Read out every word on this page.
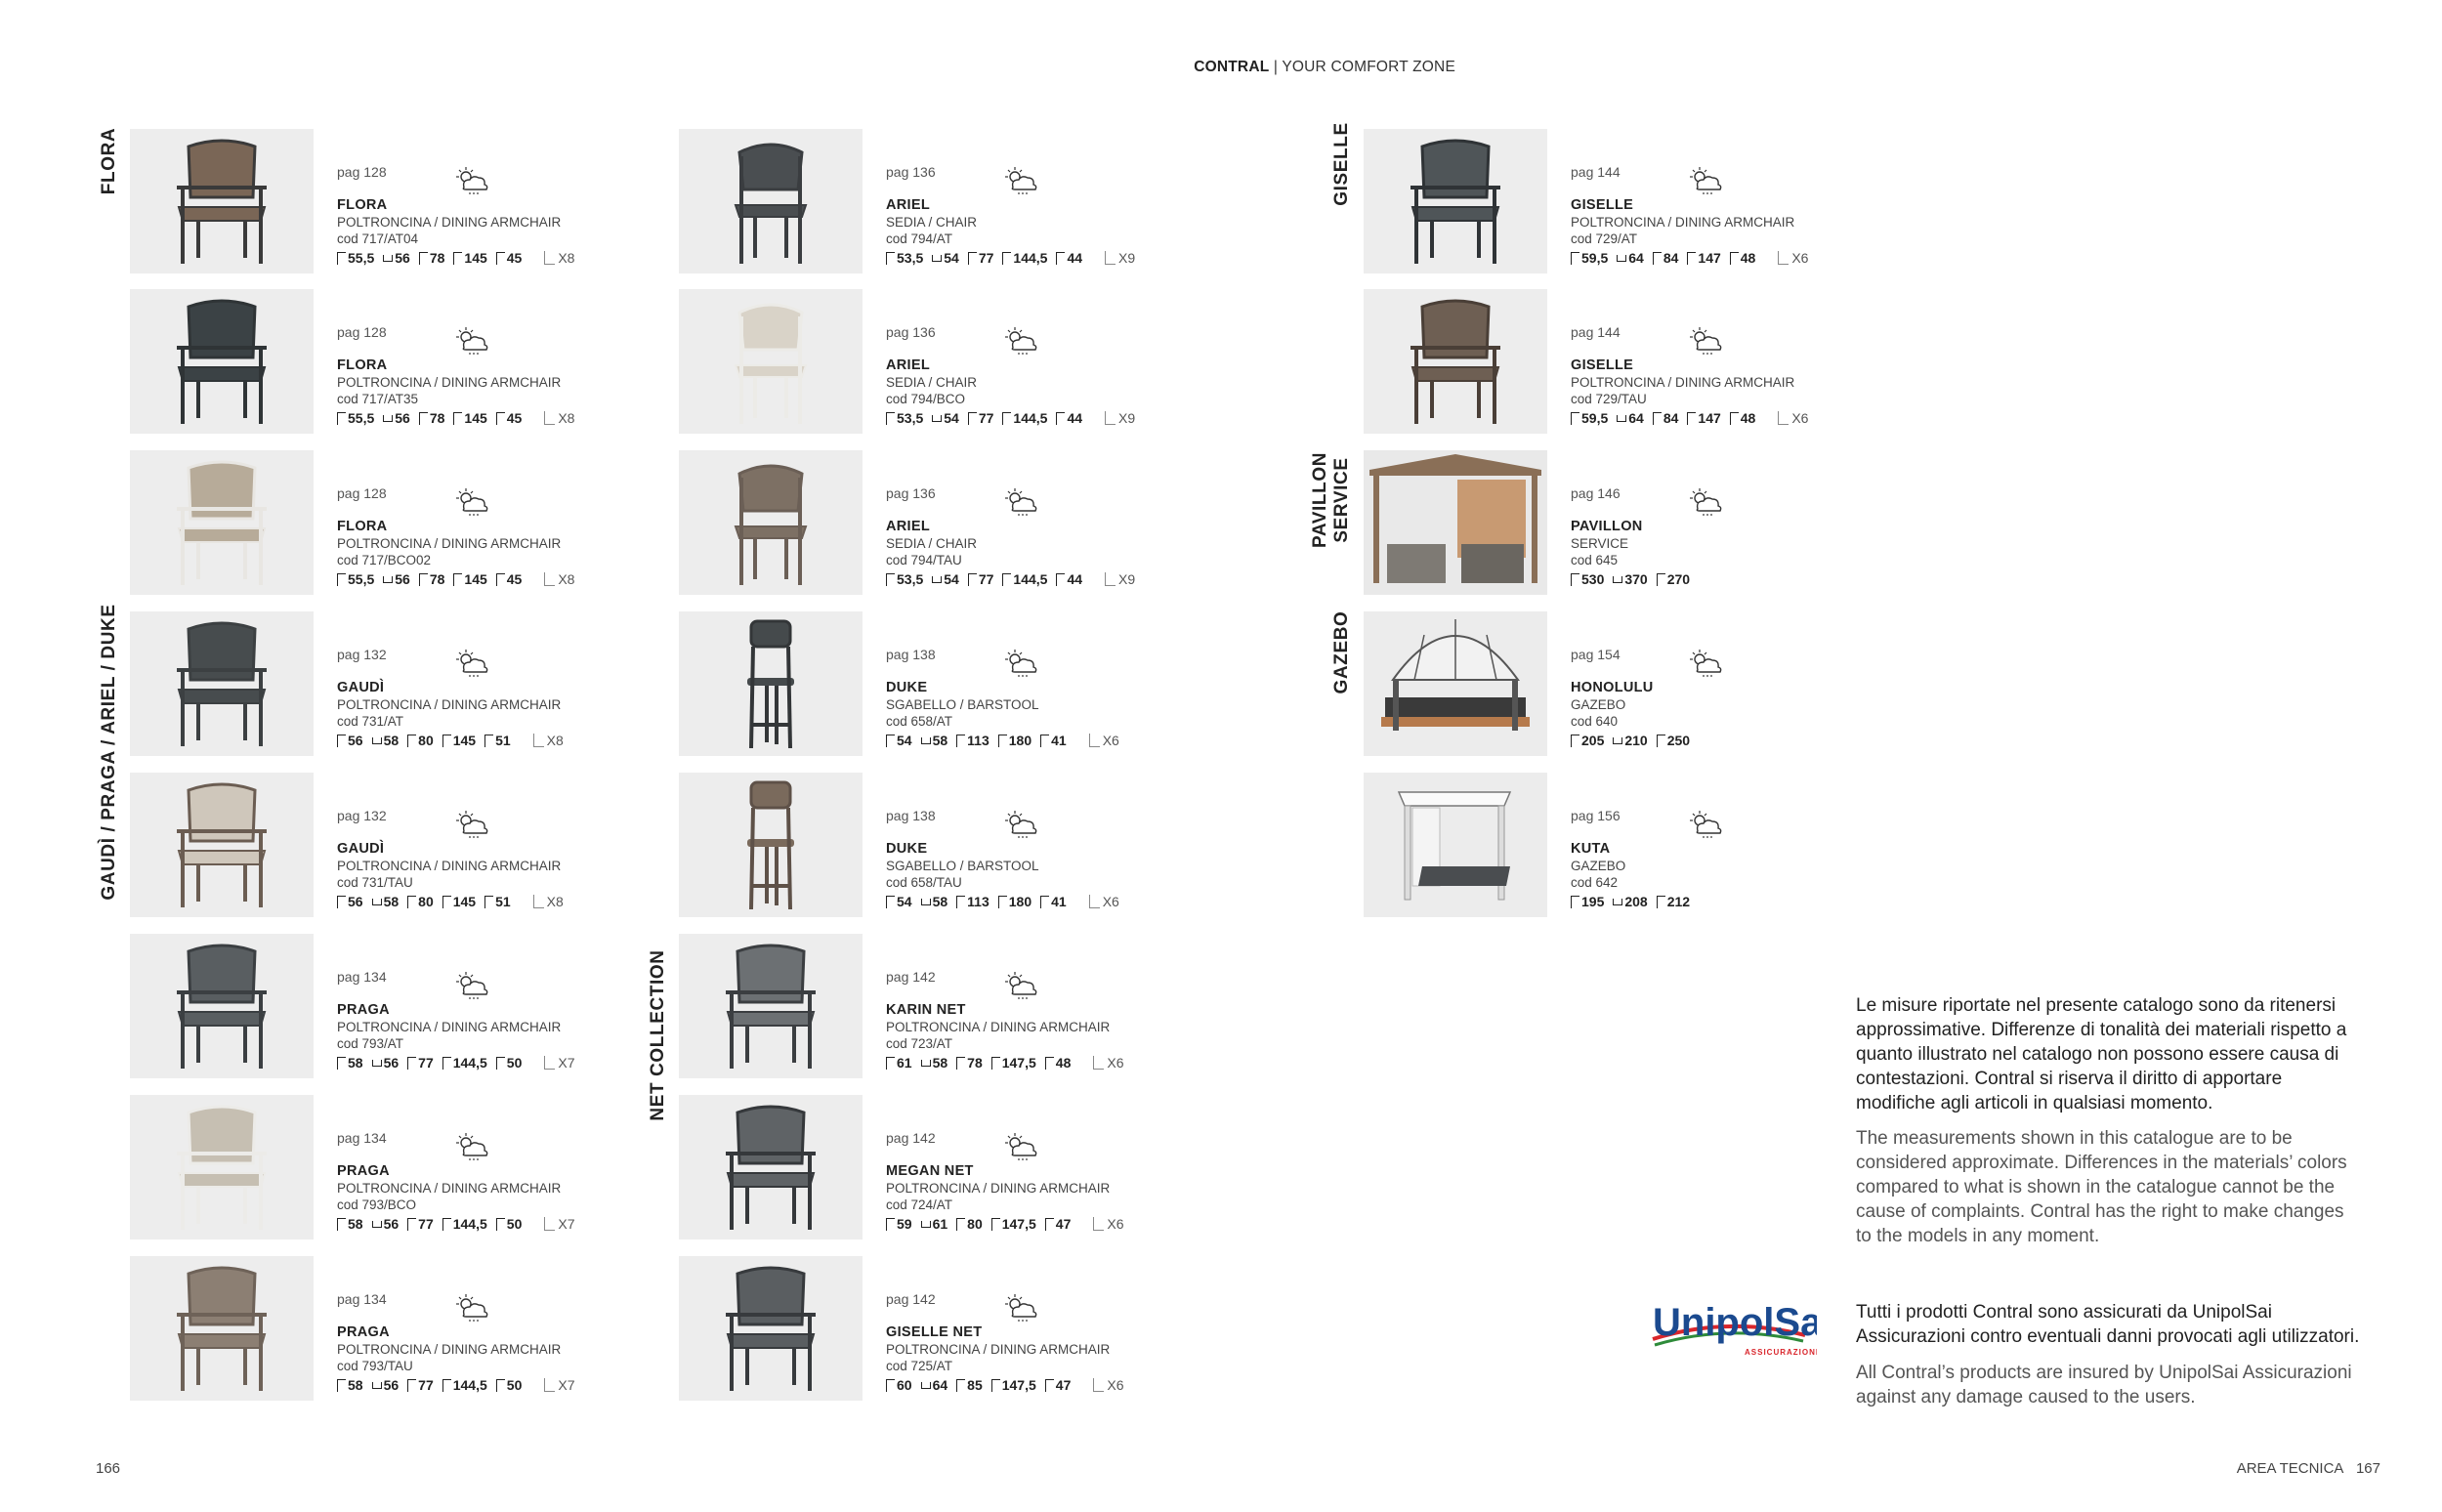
CONTRAL | YOUR COMFORT ZONE
FLORA
GAUDÌ / PRAGA / ARIEL / DUKE
NET COLLECTION
GISELLE
PAVILLON SERVICE
GAZEBO
pag 128
FLORA
POLTRONCINA / DINING ARMCHAIR
cod 717/AT04
55,5 56 78 145 45	X8
pag 128
FLORA
POLTRONCINA / DINING ARMCHAIR
cod 717/AT35
55,5 56 78 145 45	X8
pag 128
FLORA
POLTRONCINA / DINING ARMCHAIR
cod 717/BCO02
55,5 56 78 145 45	X8
pag 132
GAUDÌ
POLTRONCINA / DINING ARMCHAIR
cod 731/AT
56 58 80 145 51	X8
pag 132
GAUDÌ
POLTRONCINA / DINING ARMCHAIR
cod 731/TAU
56 58 80 145 51	X8
pag 134
PRAGA
POLTRONCINA / DINING ARMCHAIR
cod 793/AT
58 56 77 144,5 50	X7
pag 134
PRAGA
POLTRONCINA / DINING ARMCHAIR
cod 793/BCO
58 56 77 144,5 50	X7
pag 134
PRAGA
POLTRONCINA / DINING ARMCHAIR
cod 793/TAU
58 56 77 144,5 50	X7
pag 136
ARIEL
SEDIA / CHAIR
cod 794/AT
53,5 54 77 144,5 44	X9
pag 136
ARIEL
SEDIA / CHAIR
cod 794/BCO
53,5 54 77 144,5 44	X9
pag 136
ARIEL
SEDIA / CHAIR
cod 794/TAU
53,5 54 77 144,5 44	X9
pag 138
DUKE
SGABELLO / BARSTOOL
cod 658/AT
54 58 113 180 41	X6
pag 138
DUKE
SGABELLO / BARSTOOL
cod 658/TAU
54 58 113 180 41	X6
pag 142
KARIN NET
POLTRONCINA / DINING ARMCHAIR
cod 723/AT
61 58 78 147,5 48	X6
pag 142
MEGAN NET
POLTRONCINA / DINING ARMCHAIR
cod 724/AT
59 61 80 147,5 47	X6
pag 142
GISELLE NET
POLTRONCINA / DINING ARMCHAIR
cod 725/AT
60 64 85 147,5 47	X6
pag 144
GISELLE
POLTRONCINA / DINING ARMCHAIR
cod 729/AT
59,5 64 84 147 48	X6
pag 144
GISELLE
POLTRONCINA / DINING ARMCHAIR
cod 729/TAU
59,5 64 84 147 48	X6
pag 146
PAVILLON
SERVICE
cod 645
530 370 270
pag 154
HONOLULU
GAZEBO
cod 640
205 210 250
pag 156
KUTA
GAZEBO
cod 642
195 208 212
Le misure riportate nel presente catalogo sono da ritenersi approssimative. Differenze di tonalità dei materiali rispetto a quanto illustrato nel catalogo non possono essere causa di contestazioni. Contral si riserva il diritto di apportare modifiche agli articoli in qualsiasi momento.
The measurements shown in this catalogue are to be considered approximate. Differences in the materials’ colors compared to what is shown in the catalogue cannot be the cause of complaints. Contral has the right to make changes to the models in any moment.
Tutti i prodotti Contral sono assicurati da UnipolSai Assicurazioni contro eventuali danni provocati agli utilizzatori.
All Contral’s products are insured by UnipolSai Assicurazioni against any damage caused to the users.
UnipolSai
ASSICURAZIONI
166	AREA TECNICA 167
